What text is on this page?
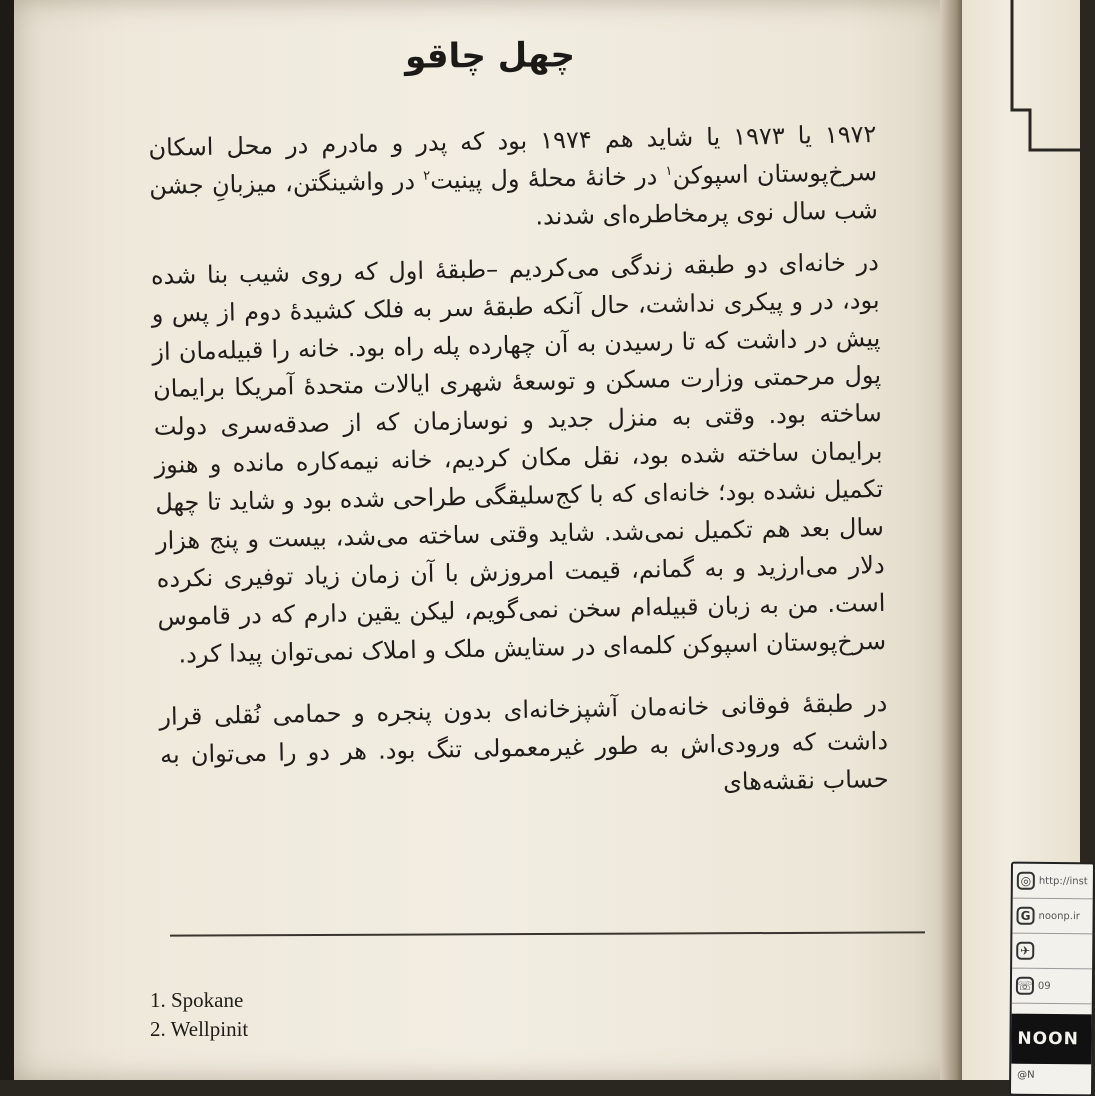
چهل چاقو

۱۹۷۲ یا ۱۹۷۳ یا شاید هم ۱۹۷۴ بود که پدر و مادرم در محل اسکان سرخ‌پوستان اسپوکن$^۱$ در خانهٔ محلهٔ ول پینیت$^۲$ در واشینگتن، میزبانِ جشن شب سال نوی پرمخاطره‌ای شدند.

در خانه‌ای دو طبقه زندگی می‌کردیم –طبقهٔ اول که روی شیب بنا شده بود، در و پیکری نداشت، حال آنکه طبقهٔ سر به فلک کشیدهٔ دوم از پس و پیش در داشت که تا رسیدن به آن چهارده پله راه بود. خانه را قبیله‌مان از پول مرحمتی وزارت مسکن و توسعهٔ شهری ایالات متحدهٔ آمریکا برایمان ساخته بود. وقتی به منزل جدید و نوسازمان که از صدقه‌سری دولت برایمان ساخته شده بود، نقل مکان کردیم، خانه نیمه‌کاره مانده و هنوز تکمیل نشده بود؛ خانه‌ای که با کج‌سلیقگی طراحی شده بود و شاید تا چهل سال بعد هم تکمیل نمی‌شد. شاید وقتی ساخته می‌شد، بیست و پنج هزار دلار می‌ارزید و به گمانم، قیمت امروزش با آن زمان زیاد توفیری نکرده است. من به زبان قبیله‌ام سخن نمی‌گویم، لیکن یقین دارم که در قاموس سرخ‌پوستان اسپوکن کلمه‌ای در ستایش ملک و املاک نمی‌توان پیدا کرد.

در طبقهٔ فوقانی خانه‌مان آشپزخانه‌ای بدون پنجره و حمامی نُقلی قرار داشت که ورودی‌اش به طور غیرمعمولی تنگ بود. هر دو را می‌توان به حساب نقشه‌های

1. Spokane
2. Wellpinit
◎ http://inst
G noonp.ir
✈
☏ 09
NOON
@N
